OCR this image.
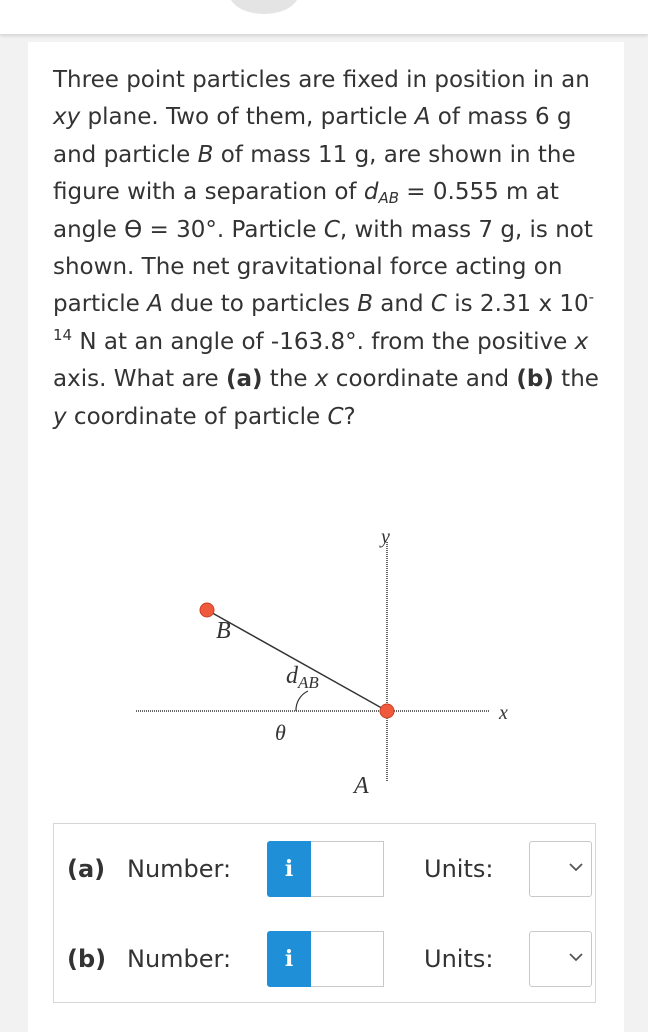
Three point particles are fixed in position in an xy plane. Two of them, particle A of mass 6 g and particle B of mass 11 g, are shown in the figure with a separation of $d_{AB} = 0.555$ m at angle ϴ = 30°. Particle C, with mass 7 g, is not shown. The net gravitational force acting on particle A due to particles B and C is 2.31 x $10^{-14}$ N at an angle of -163.8°. from the positive x axis. What are (a) the x coordinate and (b) the y coordinate of particle C?
y
x
B
A
θ
$d_{AB}$
(a) Number:	i	Units:
(b) Number:	i	Units:
